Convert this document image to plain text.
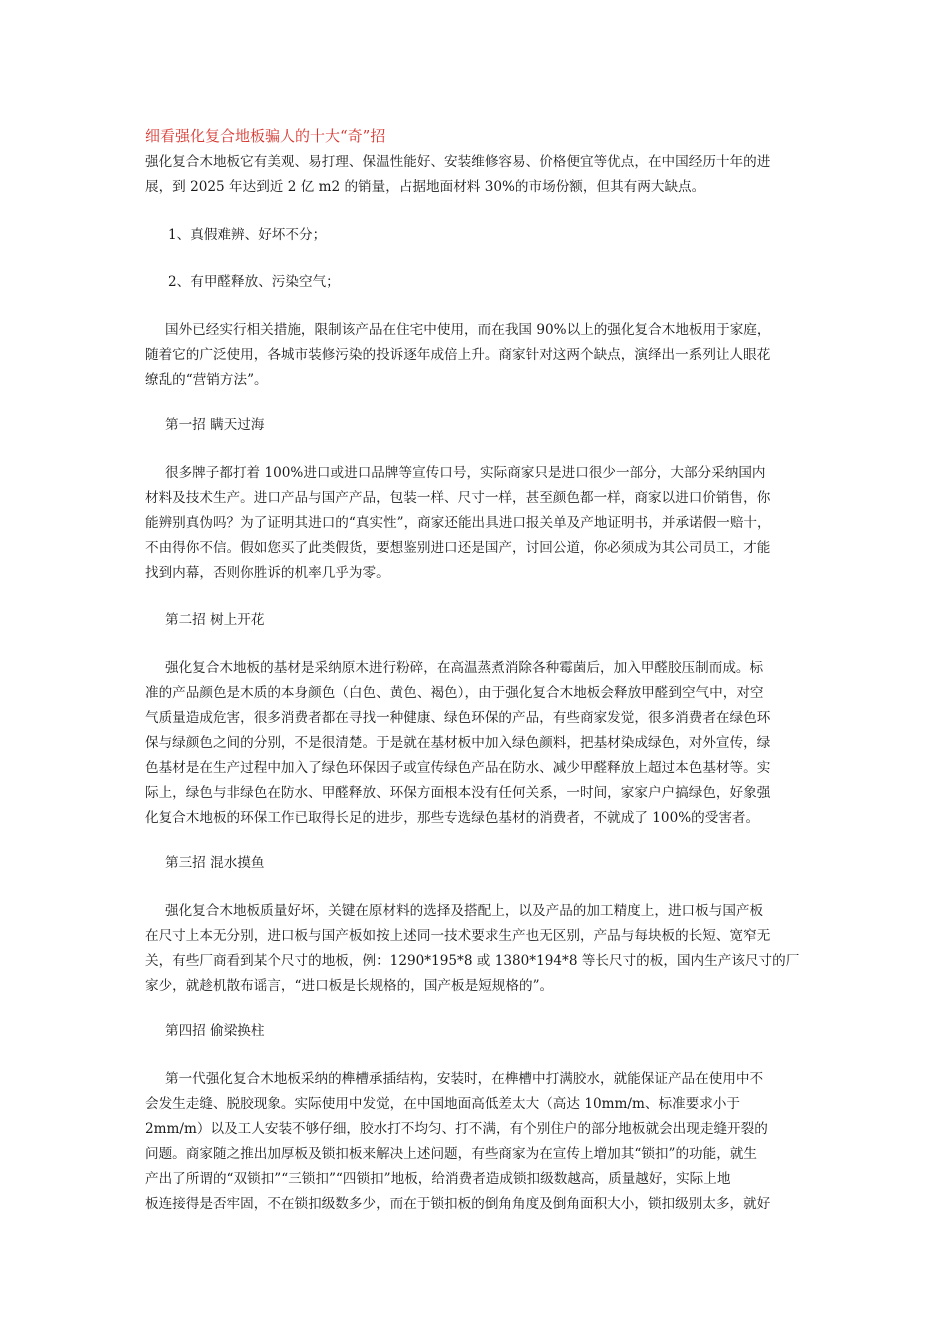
细看强化复合地板骗人的十大“奇”招
强化复合木地板它有美观、易打理、保温性能好、安装维修容易、价格便宜等优点，在中国经历十年的进
展，到 2025 年达到近 2 亿 m2 的销量，占据地面材料 30%的市场份额，但其有两大缺点。
1、真假难辨、好坏不分；
2、有甲醛释放、污染空气；
国外已经实行相关措施，限制该产品在住宅中使用，而在我国 90%以上的强化复合木地板用于家庭，
随着它的广泛使用，各城市装修污染的投诉逐年成倍上升。商家针对这两个缺点，演绎出一系列让人眼花
缭乱的“营销方法”。
第一招 瞒天过海
很多牌子都打着 100%进口或进口品牌等宣传口号，实际商家只是进口很少一部分，大部分采纳国内
材料及技术生产。进口产品与国产产品，包装一样、尺寸一样，甚至颜色都一样，商家以进口价销售，你
能辨别真伪吗？为了证明其进口的“真实性”，商家还能出具进口报关单及产地证明书，并承诺假一赔十，
不由得你不信。假如您买了此类假货，要想鉴别进口还是国产，讨回公道，你必须成为其公司员工，才能
找到内幕，否则你胜诉的机率几乎为零。
第二招 树上开花
强化复合木地板的基材是采纳原木进行粉碎，在高温蒸煮消除各种霉菌后，加入甲醛胶压制而成。标
准的产品颜色是木质的本身颜色（白色、黄色、褐色），由于强化复合木地板会释放甲醛到空气中，对空
气质量造成危害，很多消费者都在寻找一种健康、绿色环保的产品，有些商家发觉，很多消费者在绿色环
保与绿颜色之间的分别，不是很清楚。于是就在基材板中加入绿色颜料，把基材染成绿色，对外宣传，绿
色基材是在生产过程中加入了绿色环保因子或宣传绿色产品在防水、减少甲醛释放上超过本色基材等。实
际上，绿色与非绿色在防水、甲醛释放、环保方面根本没有任何关系，一时间，家家户户搞绿色，好象强
化复合木地板的环保工作已取得长足的进步，那些专选绿色基材的消费者，不就成了 100%的受害者。
第三招 混水摸鱼
强化复合木地板质量好坏，关键在原材料的选择及搭配上，以及产品的加工精度上，进口板与国产板
在尺寸上本无分别，进口板与国产板如按上述同一技术要求生产也无区别，产品与每块板的长短、宽窄无
关，有些厂商看到某个尺寸的地板，例：1290*195*8 或 1380*194*8 等长尺寸的板，国内生产该尺寸的厂
家少，就趁机散布谣言，“进口板是长规格的，国产板是短规格的”。
第四招 偷梁换柱
第一代强化复合木地板采纳的榫槽承插结构，安装时，在榫槽中打满胶水，就能保证产品在使用中不
会发生走缝、脱胶现象。实际使用中发觉，在中国地面高低差太大（高达 10mm/m、标准要求小于
2mm/m）以及工人安装不够仔细，胶水打不均匀、打不满，有个别住户的部分地板就会出现走缝开裂的
问题。商家随之推出加厚板及锁扣板来解决上述问题，有些商家为在宣传上增加其“锁扣”的功能，就生
产出了所谓的“双锁扣”“三锁扣”“四锁扣”地板，给消费者造成锁扣级数越高，质量越好，实际上地
板连接得是否牢固，不在锁扣级数多少，而在于锁扣板的倒角角度及倒角面积大小，锁扣级别太多，就好
